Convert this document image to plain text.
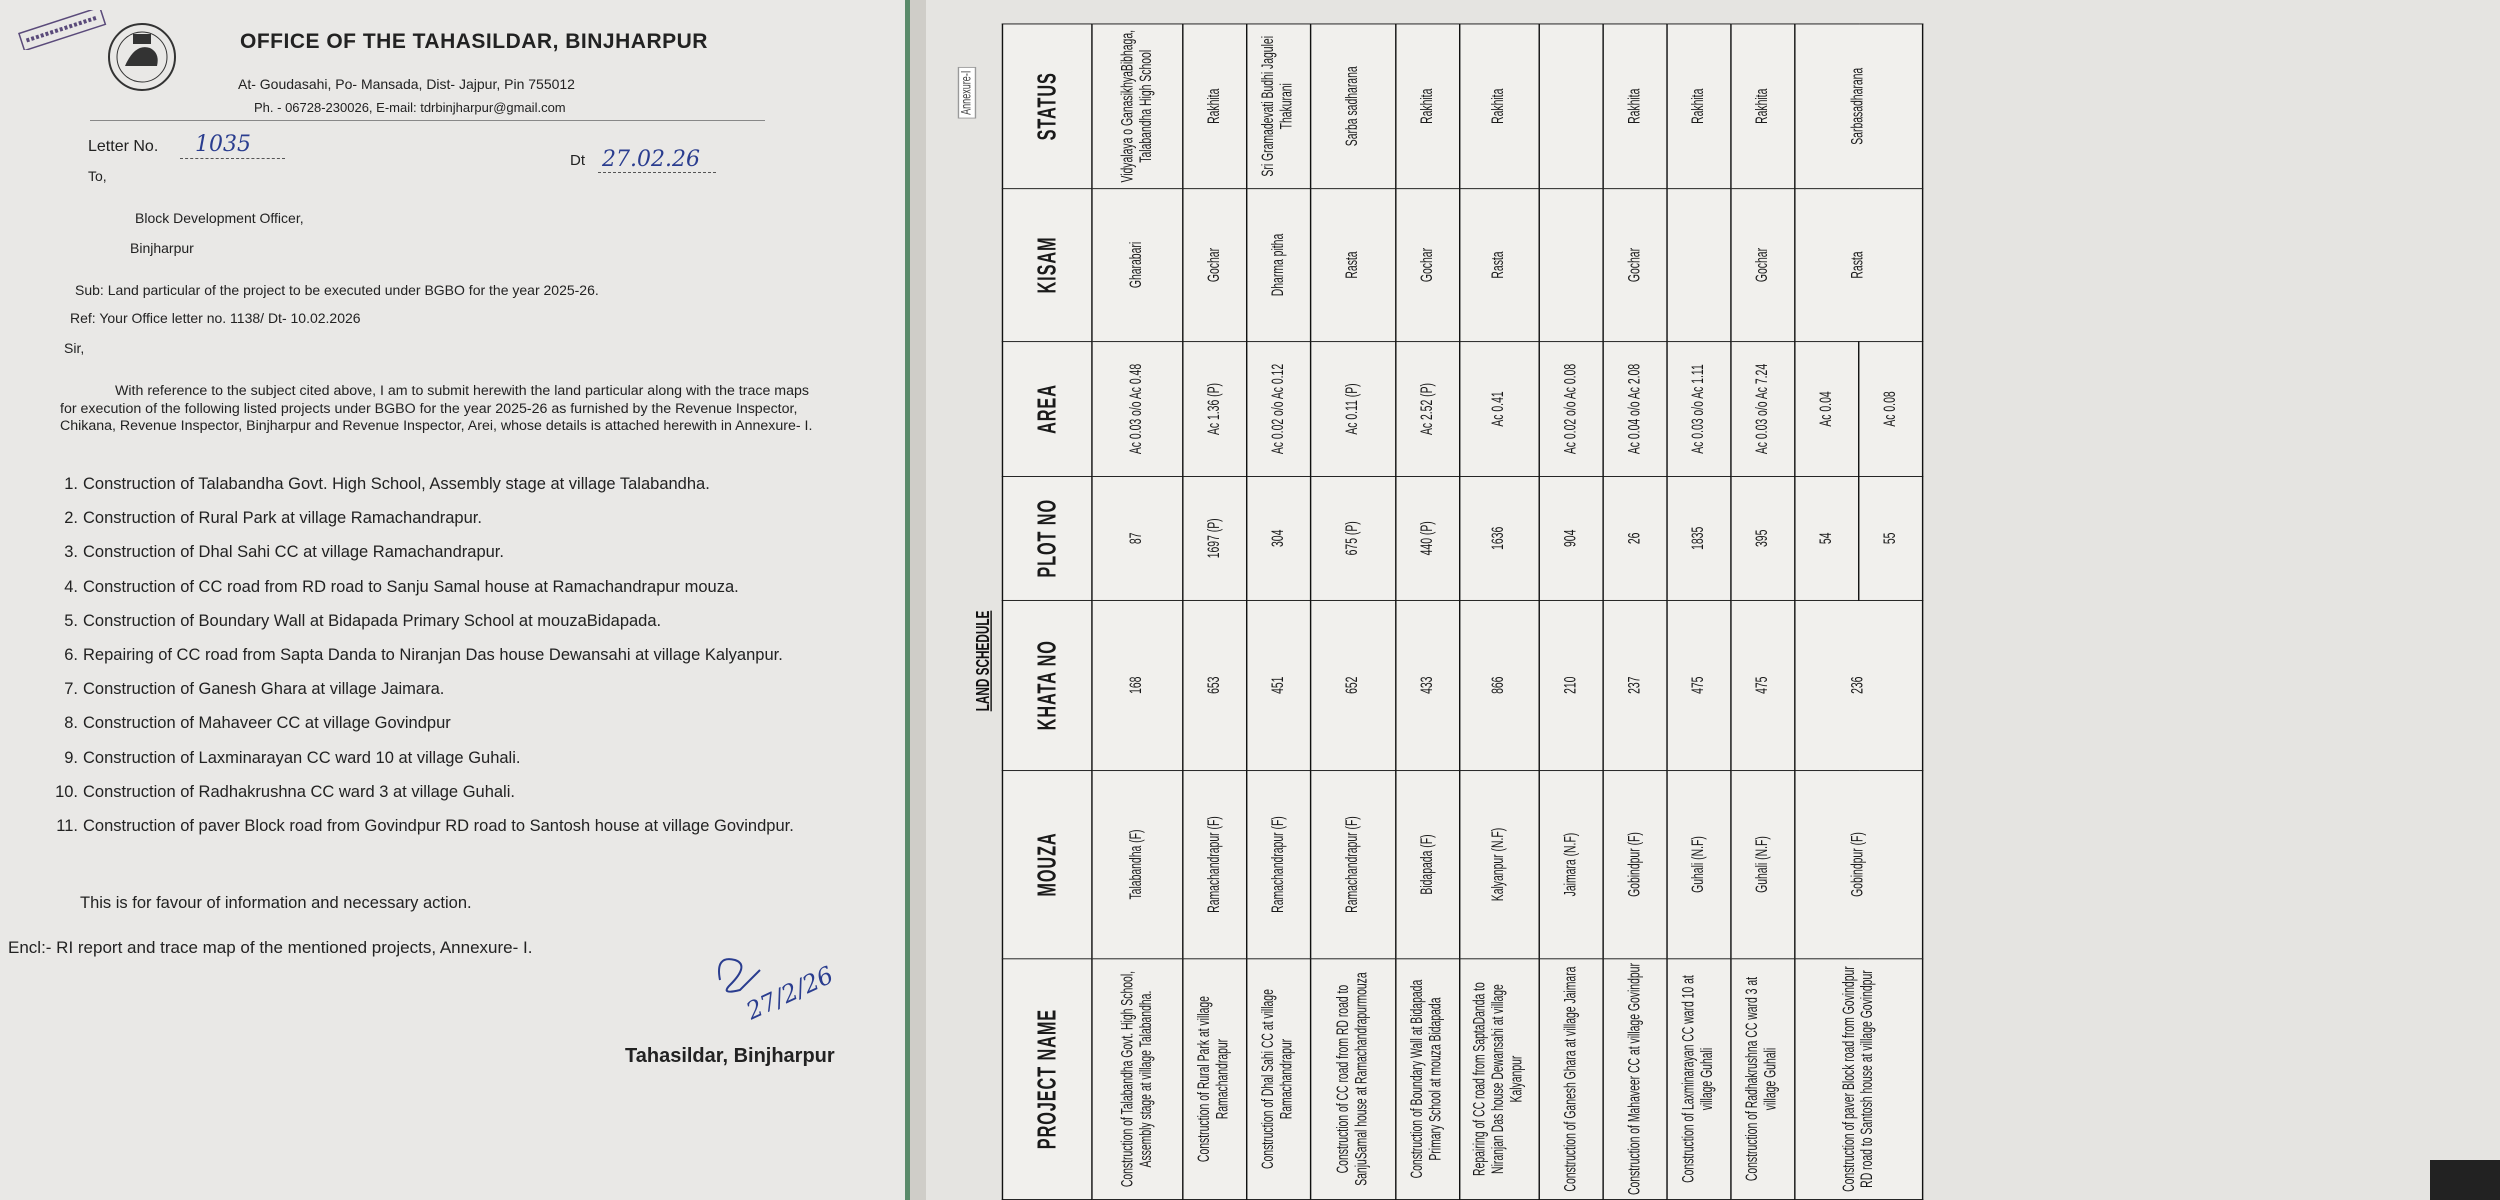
OFFICE OF THE TAHASILDAR, BINJHARPUR
At- Goudasahi, Po- Mansada, Dist- Jajpur, Pin 755012
Ph. - 06728-230026, E-mail: tdrbinjharpur@gmail.com
Letter No. 1035
Dt 27.02.26
To,
Block Development Officer,
Binjharpur
Sub: Land particular of the project to be executed under BGBO for the year 2025-26.
Ref: Your Office letter no. 1138/ Dt- 10.02.2026
Sir,
With reference to the subject cited above, I am to submit herewith the land particular along with the trace maps for execution of the following listed projects under BGBO for the year 2025-26 as furnished by the Revenue Inspector, Chikana, Revenue Inspector, Binjharpur and Revenue Inspector, Arei, whose details is attached herewith in Annexure- I.
1. Construction of Talabandha Govt. High School, Assembly stage at village Talabandha.
2. Construction of Rural Park at village Ramachandrapur.
3. Construction of Dhal Sahi CC at village Ramachandrapur.
4. Construction of CC road from RD road to Sanju Samal house at Ramachandrapur mouza.
5. Construction of Boundary Wall at Bidapada Primary School at mouzaBidapada.
6. Repairing of CC road from Sapta Danda to Niranjan Das house Dewansahi at village Kalyanpur.
7. Construction of Ganesh Ghara at village Jaimara.
8. Construction of Mahaveer CC at village Govindpur
9. Construction of Laxminarayan CC ward 10 at village Guhali.
10. Construction of Radhakrushna CC ward 3 at village Guhali.
11. Construction of paver Block road from Govindpur RD road to Santosh house at village Govindpur.
This is for favour of information and necessary action.
Encl:- RI report and trace map of the mentioned projects, Annexure- I.
27/2/26
Tahasildar, Binjharpur
Annexure-I
LAND SCHEDULE
PROJECT NAME	MOUZA	KHATA NO	PLOT NO	AREA	KISAM	STATUS
Construction of Talabandha Govt. High School, Assembly stage at village Talabandha.	Talabandha (F)	168	87	Ac 0.03 o/o Ac 0.48	Gharabari	Vidyalaya o GanasikhyaBibhaga, Talabandha High School
Construction of Rural Park at village Ramachandrapur	Ramachandrapur (F)	653	1697 (P)	Ac 1.36 (P)	Gochar	Rakhita
Construction of Dhal Sahi CC at village Ramachandrapur	Ramachandrapur (F)	451	304	Ac 0.02 o/o Ac 0.12	Dharma pitha	Sri Gramadevati Budhi Jagulei Thakurani
Construction of CC road from RD road to SanjuSamal house at Ramachandrapurmouza	Ramachandrapur (F)	652	675 (P)	Ac 0.11 (P)	Rasta	Sarba sadharana
Construction of Boundary Wall at Bidapada Primary School at mouza Bidapada	Bidapada (F)	433	440 (P)	Ac 2.52 (P)	Gochar	Rakhita
Repairing of CC road from SaptaDanda to Niranjan Das house Dewansahi at village Kalyanpur	Kalyanpur (N.F)	866	1636	Ac 0.41	Rasta	Rakhita
Construction of Ganesh Ghara at village Jaimara	Jaimara (N.F)	210	904	Ac 0.02 o/o Ac 0.08		
Construction of Mahaveer CC at village Govindpur	Gobindpur (F)	237	26	Ac 0.04 o/o Ac 2.08	Gochar	Rakhita
Construction of Laxminarayan CC ward 10 at village Guhali	Guhali (N.F)	475	1835	Ac 0.03 o/o Ac 1.11		Rakhita
Construction of Radhakrushna CC ward 3 at village Guhali	Guhali (N.F)	475	395	Ac 0.03 o/o Ac 7.24	Gochar	Rakhita
Construction of paver Block road from Govindpur RD road to Santosh house at village Govindpur	Gobindpur (F)	236	54	Ac 0.04	Rasta	Sarbasadharana
			55	Ac 0.08		
